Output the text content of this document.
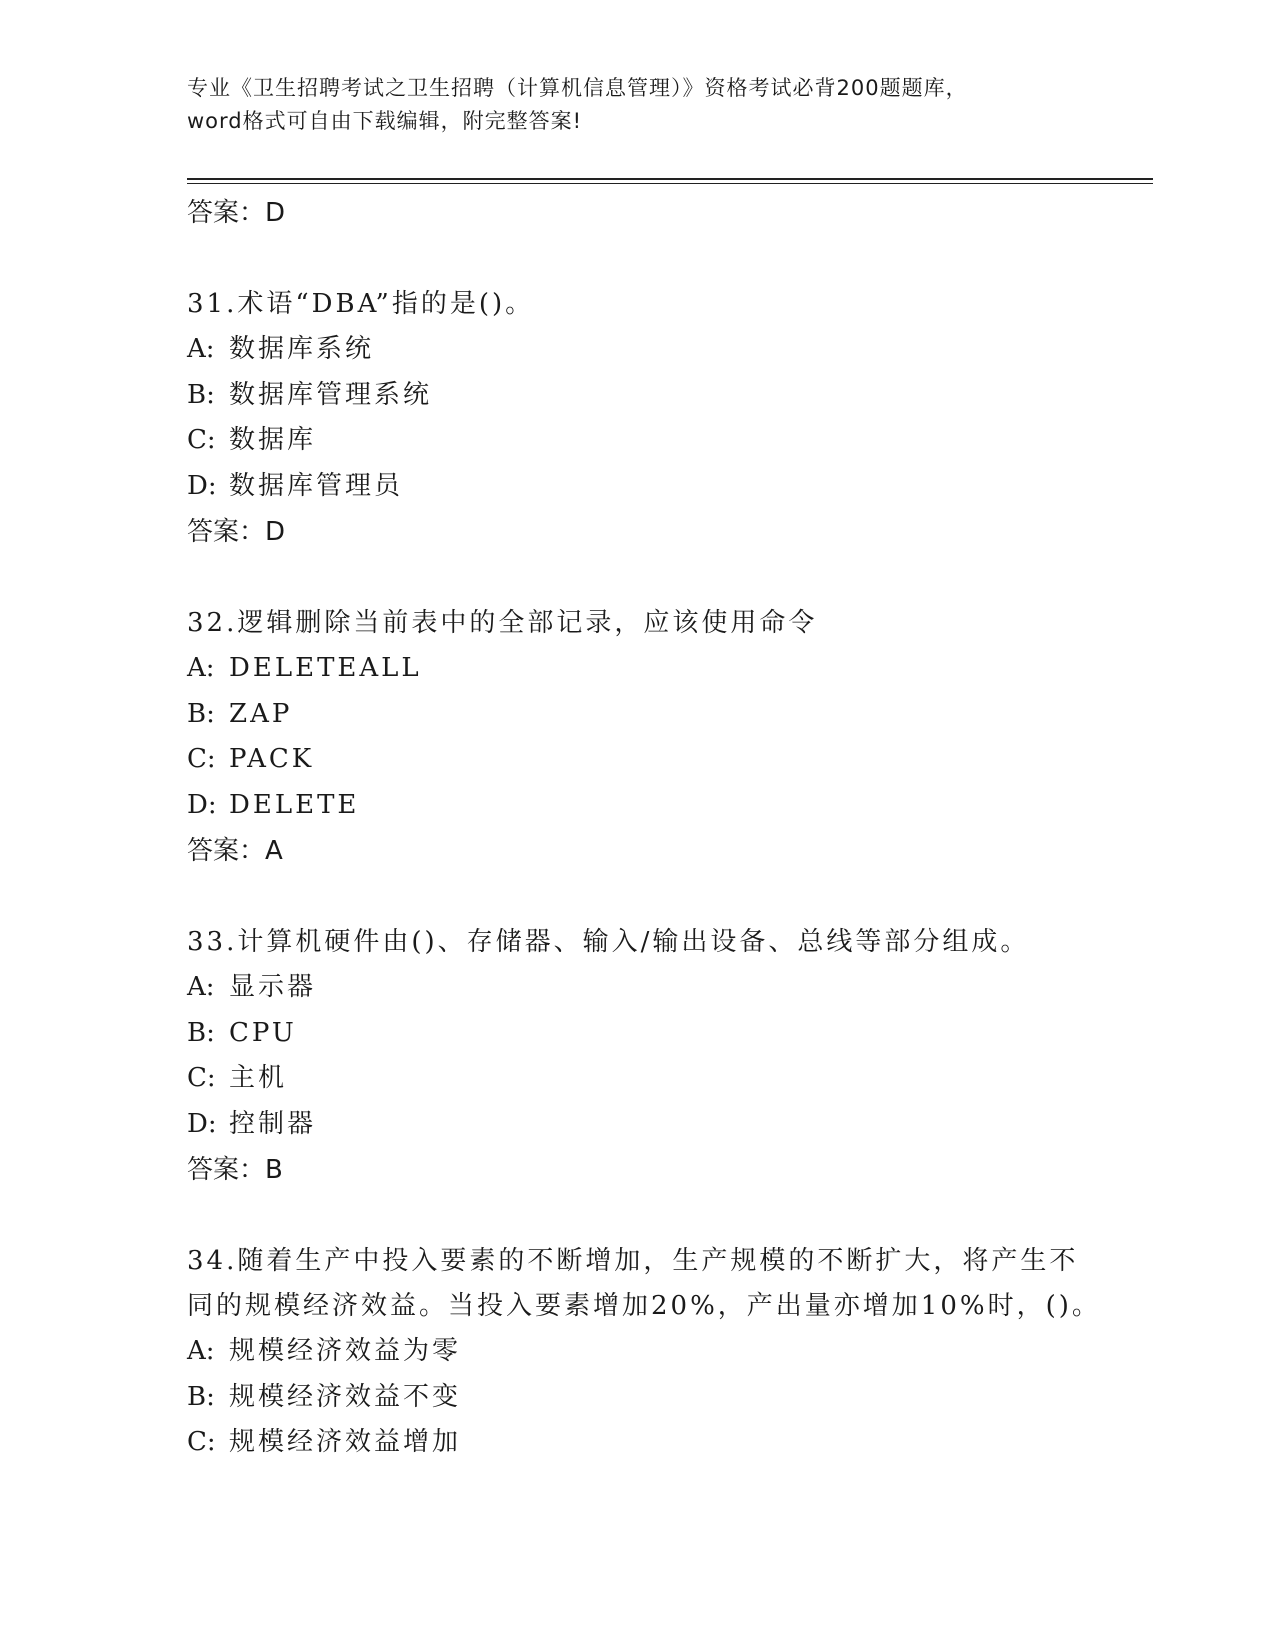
专业《卫生招聘考试之卫生招聘（计算机信息管理）》资格考试必背200题题库，
word格式可自由下载编辑，附完整答案!
答案：D
31.术语“DBA”指的是()。
A: 数据库系统
B: 数据库管理系统
C: 数据库
D: 数据库管理员
答案：D
32.逻辑删除当前表中的全部记录，应该使用命令
A: DELETEALL
B: ZAP
C: PACK
D: DELETE
答案：A
33.计算机硬件由()、存储器、输入/输出设备、总线等部分组成。
A: 显示器
B: CPU
C: 主机
D: 控制器
答案：B
34.随着生产中投入要素的不断增加，生产规模的不断扩大，将产生不
同的规模经济效益。当投入要素增加20%，产出量亦增加10%时，()。
A: 规模经济效益为零
B: 规模经济效益不变
C: 规模经济效益增加
